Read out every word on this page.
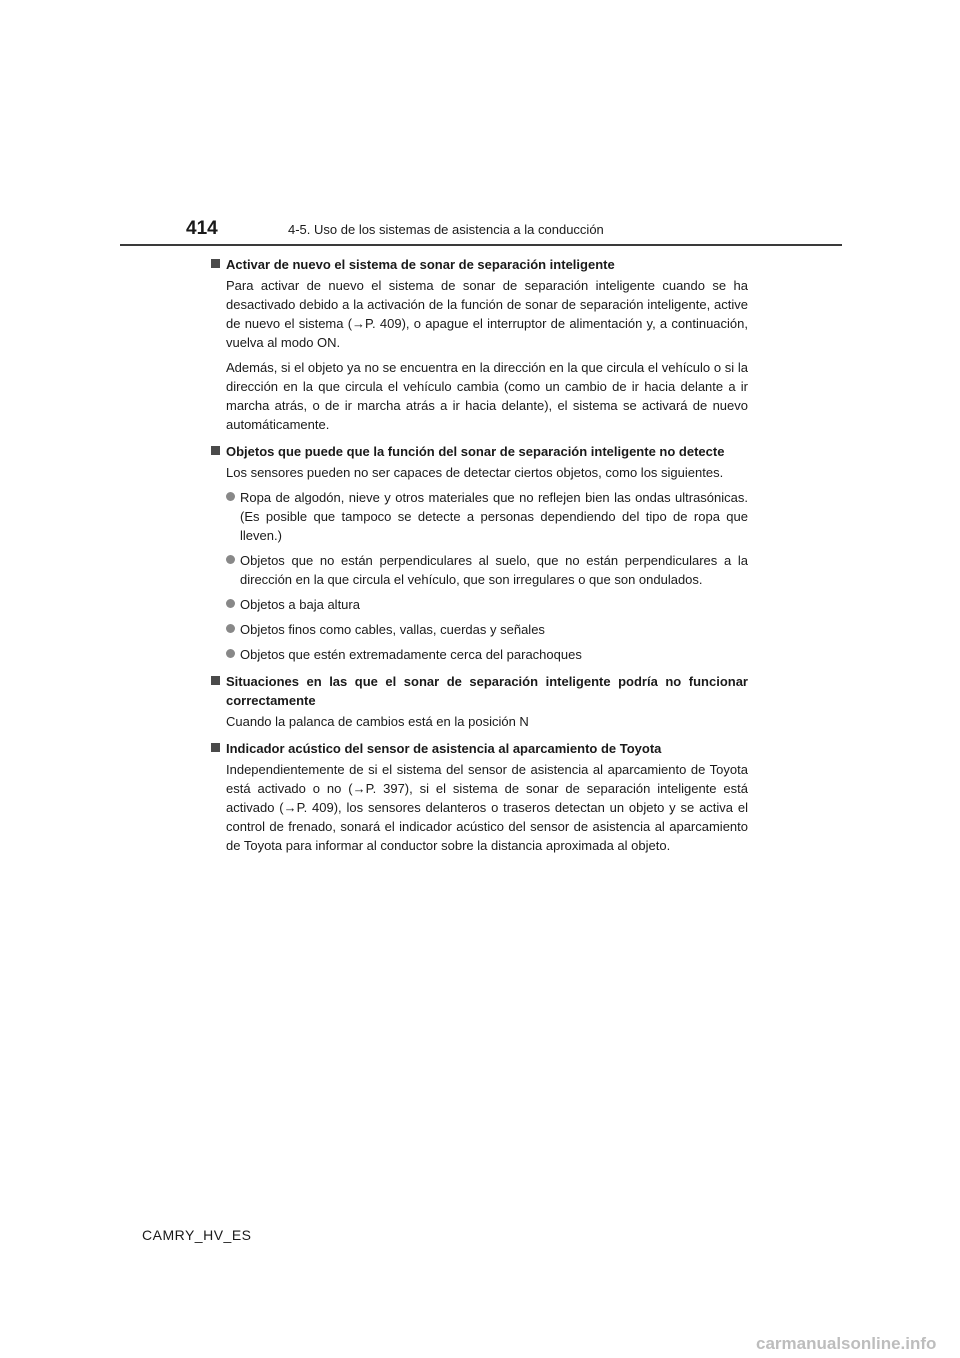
414	4-5. Uso de los sistemas de asistencia a la conducción
Activar de nuevo el sistema de sonar de separación inteligente

Para activar de nuevo el sistema de sonar de separación inteligente cuando se ha desactivado debido a la activación de la función de sonar de separación inteligente, active de nuevo el sistema (→P. 409), o apague el interruptor de alimentación y, a continuación, vuelva al modo ON.

Además, si el objeto ya no se encuentra en la dirección en la que circula el vehículo o si la dirección en la que circula el vehículo cambia (como un cambio de ir hacia delante a ir marcha atrás, o de ir marcha atrás a ir hacia delante), el sistema se activará de nuevo automáticamente.

Objetos que puede que la función del sonar de separación inteligente no detecte

Los sensores pueden no ser capaces de detectar ciertos objetos, como los siguientes.

Ropa de algodón, nieve y otros materiales que no reflejen bien las ondas ultrasónicas. (Es posible que tampoco se detecte a personas dependiendo del tipo de ropa que lleven.)
Objetos que no están perpendiculares al suelo, que no están perpendiculares a la dirección en la que circula el vehículo, que son irregulares o que son ondulados.
Objetos a baja altura
Objetos finos como cables, vallas, cuerdas y señales
Objetos que estén extremadamente cerca del parachoques
Situaciones en las que el sonar de separación inteligente podría no funcionar correctamente

Cuando la palanca de cambios está en la posición N

Indicador acústico del sensor de asistencia al aparcamiento de Toyota

Independientemente de si el sistema del sensor de asistencia al aparcamiento de Toyota está activado o no (→P. 397), si el sistema de sonar de separación inteligente está activado (→P. 409), los sensores delanteros o traseros detectan un objeto y se activa el control de frenado, sonará el indicador acústico del sensor de asistencia al aparcamiento de Toyota para informar al conductor sobre la distancia aproximada al objeto.

CAMRY_HV_ES
carmanualsonline.info
